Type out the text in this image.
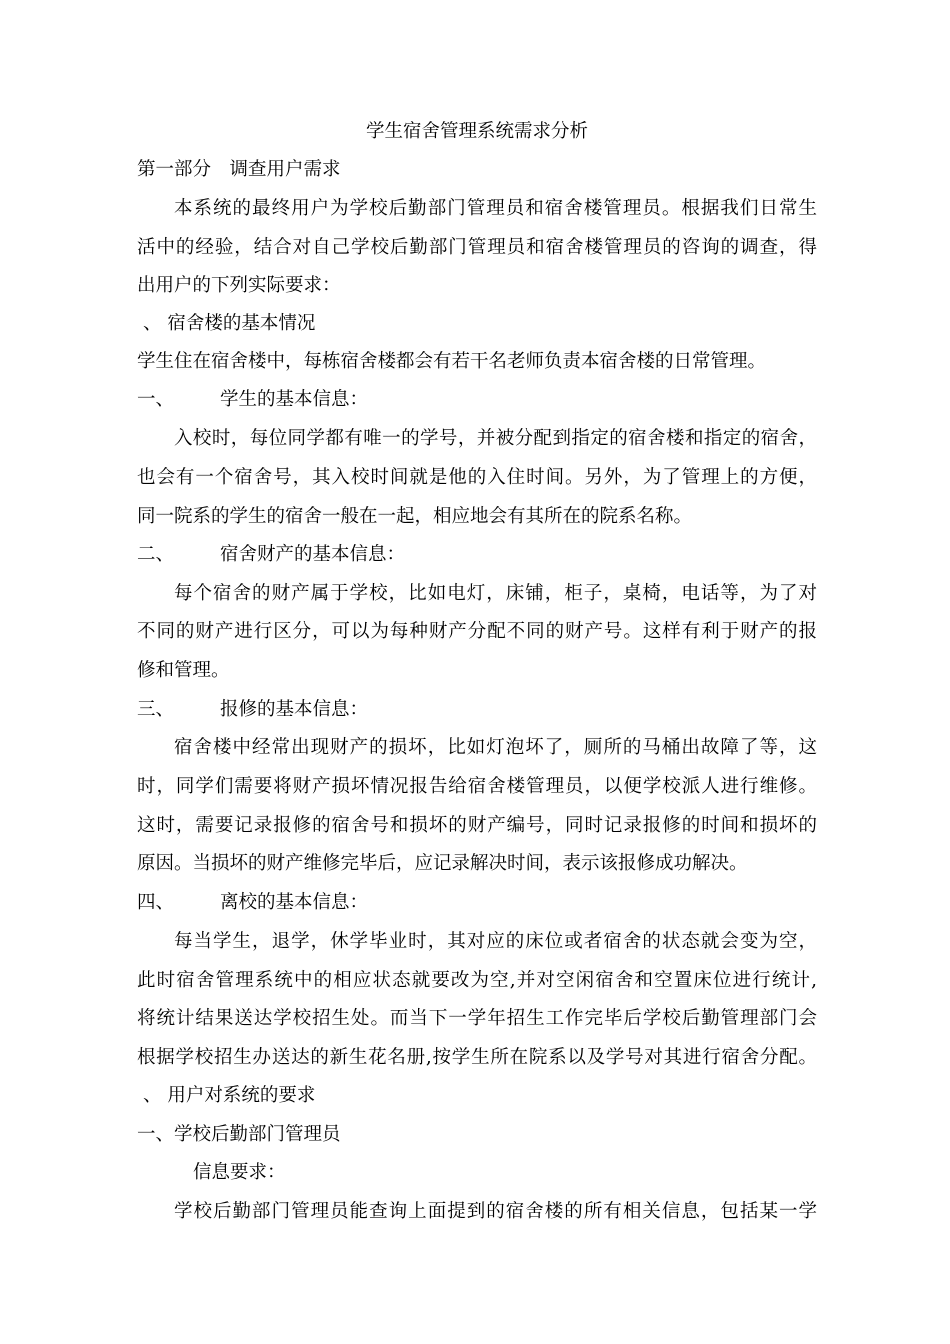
学生宿舍管理系统需求分析
第一部分　调查用户需求
本系统的最终用户为学校后勤部门管理员和宿舍楼管理员。根据我们日常生
活中的经验，结合对自己学校后勤部门管理员和宿舍楼管理员的咨询的调查，得
出用户的下列实际要求：
、 宿舍楼的基本情况
学生住在宿舍楼中，每栋宿舍楼都会有若干名老师负责本宿舍楼的日常管理。
一、 学生的基本信息：
入校时，每位同学都有唯一的学号，并被分配到指定的宿舍楼和指定的宿舍，
也会有一个宿舍号，其入校时间就是他的入住时间。另外，为了管理上的方便，
同一院系的学生的宿舍一般在一起，相应地会有其所在的院系名称。
二、 宿舍财产的基本信息：
每个宿舍的财产属于学校，比如电灯，床铺，柜子，桌椅，电话等，为了对
不同的财产进行区分，可以为每种财产分配不同的财产号。这样有利于财产的报
修和管理。
三、 报修的基本信息：
宿舍楼中经常出现财产的损坏，比如灯泡坏了，厕所的马桶出故障了等，这
时，同学们需要将财产损坏情况报告给宿舍楼管理员，以便学校派人进行维修。
这时，需要记录报修的宿舍号和损坏的财产编号，同时记录报修的时间和损坏的
原因。当损坏的财产维修完毕后，应记录解决时间，表示该报修成功解决。
四、 离校的基本信息：
每当学生，退学，休学毕业时，其对应的床位或者宿舍的状态就会变为空，
此时宿舍管理系统中的相应状态就要改为空,并对空闲宿舍和空置床位进行统计,
将统计结果送达学校招生处。而当下一学年招生工作完毕后学校后勤管理部门会
根据学校招生办送达的新生花名册,按学生所在院系以及学号对其进行宿舍分配。
、 用户对系统的要求
一、学校后勤部门管理员
信息要求：
学校后勤部门管理员能查询上面提到的宿舍楼的所有相关信息，包括某一学
